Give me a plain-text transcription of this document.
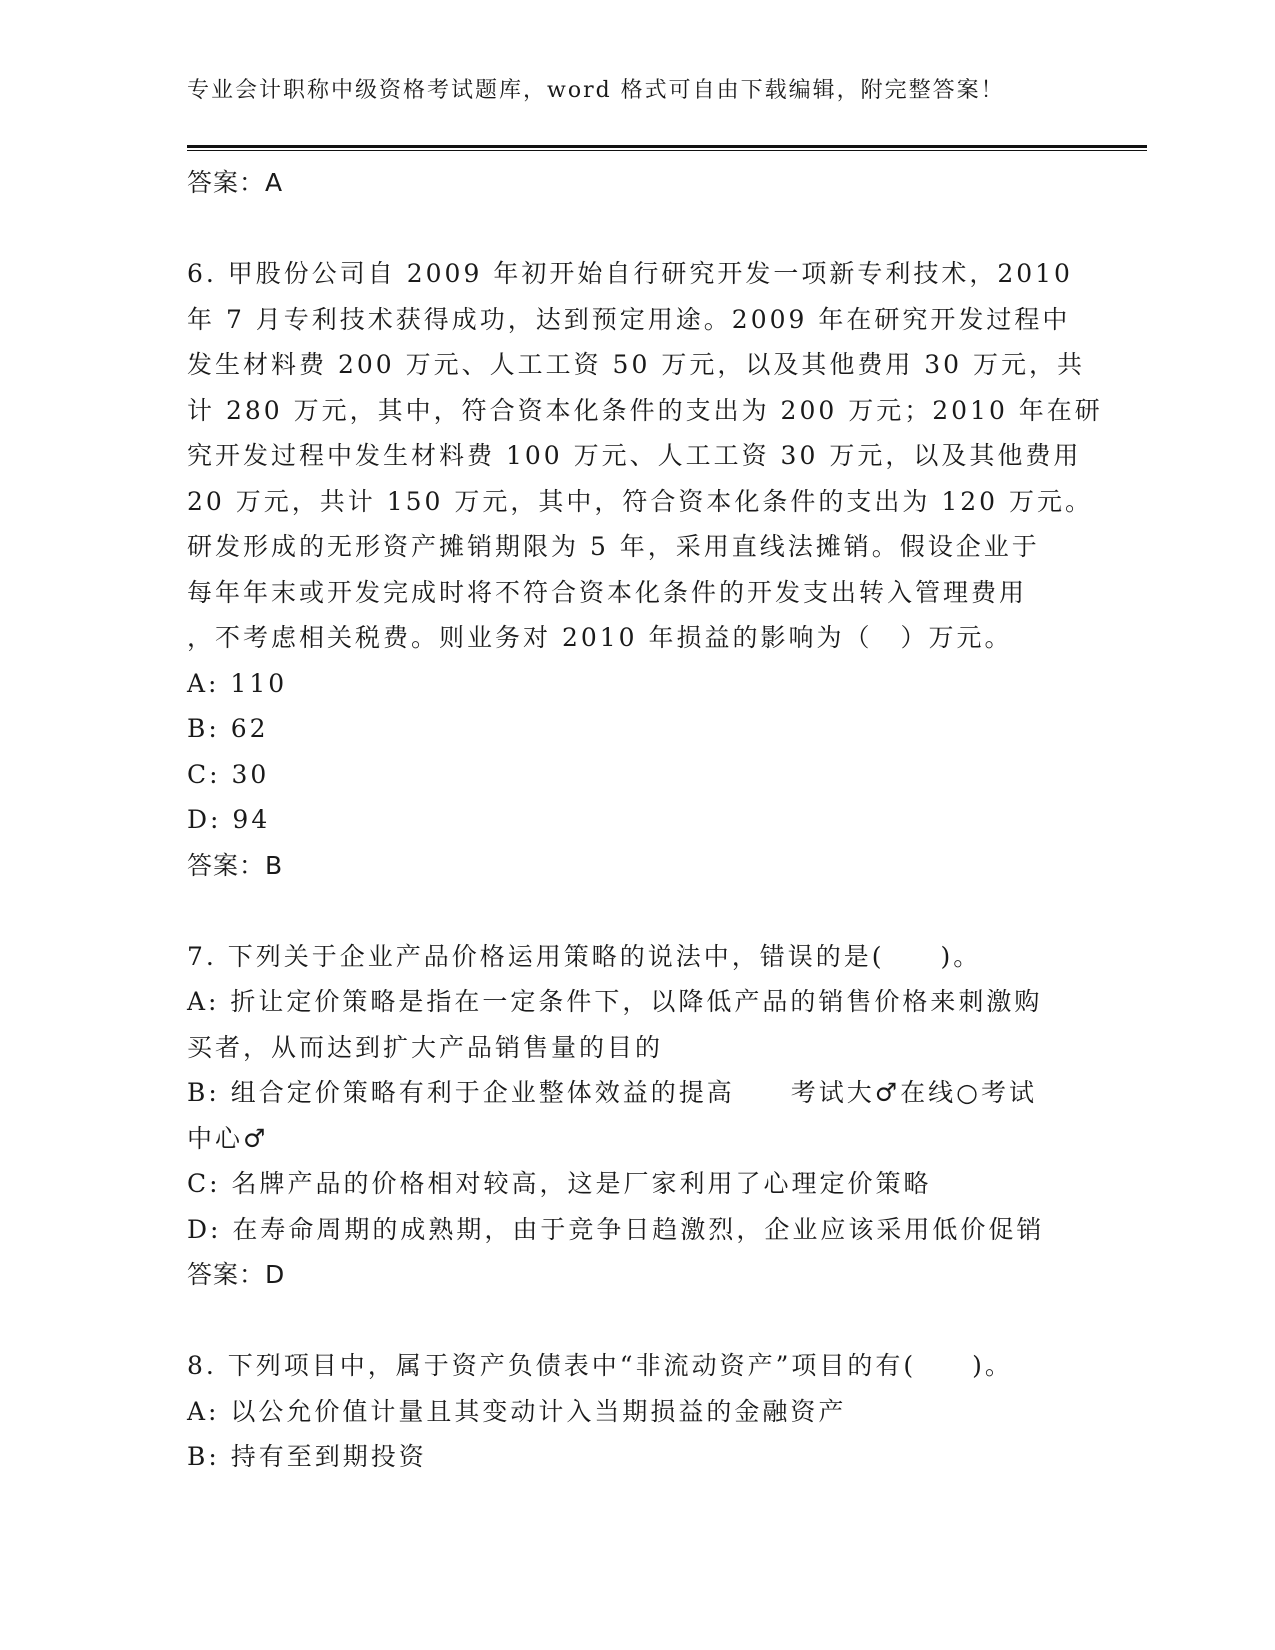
专业会计职称中级资格考试题库，word 格式可自由下载编辑，附完整答案！
答案：A
6. 甲股份公司自 2009 年初开始自行研究开发一项新专利技术，2010
年 7 月专利技术获得成功，达到预定用途。2009 年在研究开发过程中
发生材料费 200 万元、人工工资 50 万元，以及其他费用 30 万元，共
计 280 万元，其中，符合资本化条件的支出为 200 万元；2010 年在研
究开发过程中发生材料费 100 万元、人工工资 30 万元，以及其他费用
20 万元，共计 150 万元，其中，符合资本化条件的支出为 120 万元。
研发形成的无形资产摊销期限为 5 年，采用直线法摊销。假设企业于
每年年末或开发完成时将不符合资本化条件的开发支出转入管理费用
，不考虑相关税费。则业务对 2010 年损益的影响为（　）万元。
A: 110
B: 62
C: 30
D: 94
答案：B
7. 下列关于企业产品价格运用策略的说法中，错误的是(　　)。
A: 折让定价策略是指在一定条件下，以降低产品的销售价格来刺激购
买者，从而达到扩大产品销售量的目的
B: 组合定价策略有利于企业整体效益的提高 考试大♂在线○考试
中心♂
C: 名牌产品的价格相对较高，这是厂家利用了心理定价策略
D: 在寿命周期的成熟期，由于竞争日趋激烈，企业应该采用低价促销
答案：D
8. 下列项目中，属于资产负债表中“非流动资产”项目的有(　　)。
A: 以公允价值计量且其变动计入当期损益的金融资产
B: 持有至到期投资
